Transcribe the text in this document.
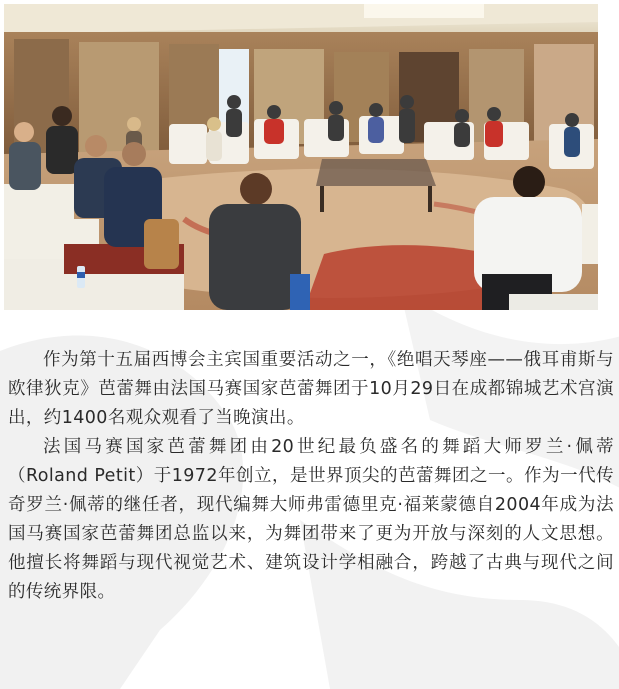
作为第十五届西博会主宾国重要活动之一，《绝唱天琴座——俄耳甫斯与欧律狄克》芭蕾舞由法国马赛国家芭蕾舞团于10月29日在成都锦城艺术宫演出，约1400名观众观看了当晚演出。

法国马赛国家芭蕾舞团由20世纪最负盛名的舞蹈大师罗兰·佩蒂（Roland Petit）于1972年创立，是世界顶尖的芭蕾舞团之一。作为一代传奇罗兰·佩蒂的继任者，现代编舞大师弗雷德里克·福莱蒙德自2004年成为法国马赛国家芭蕾舞团总监以来，为舞团带来了更为开放与深刻的人文思想。他擅长将舞蹈与现代视觉艺术、建筑设计学相融合，跨越了古典与现代之间的传统界限。
